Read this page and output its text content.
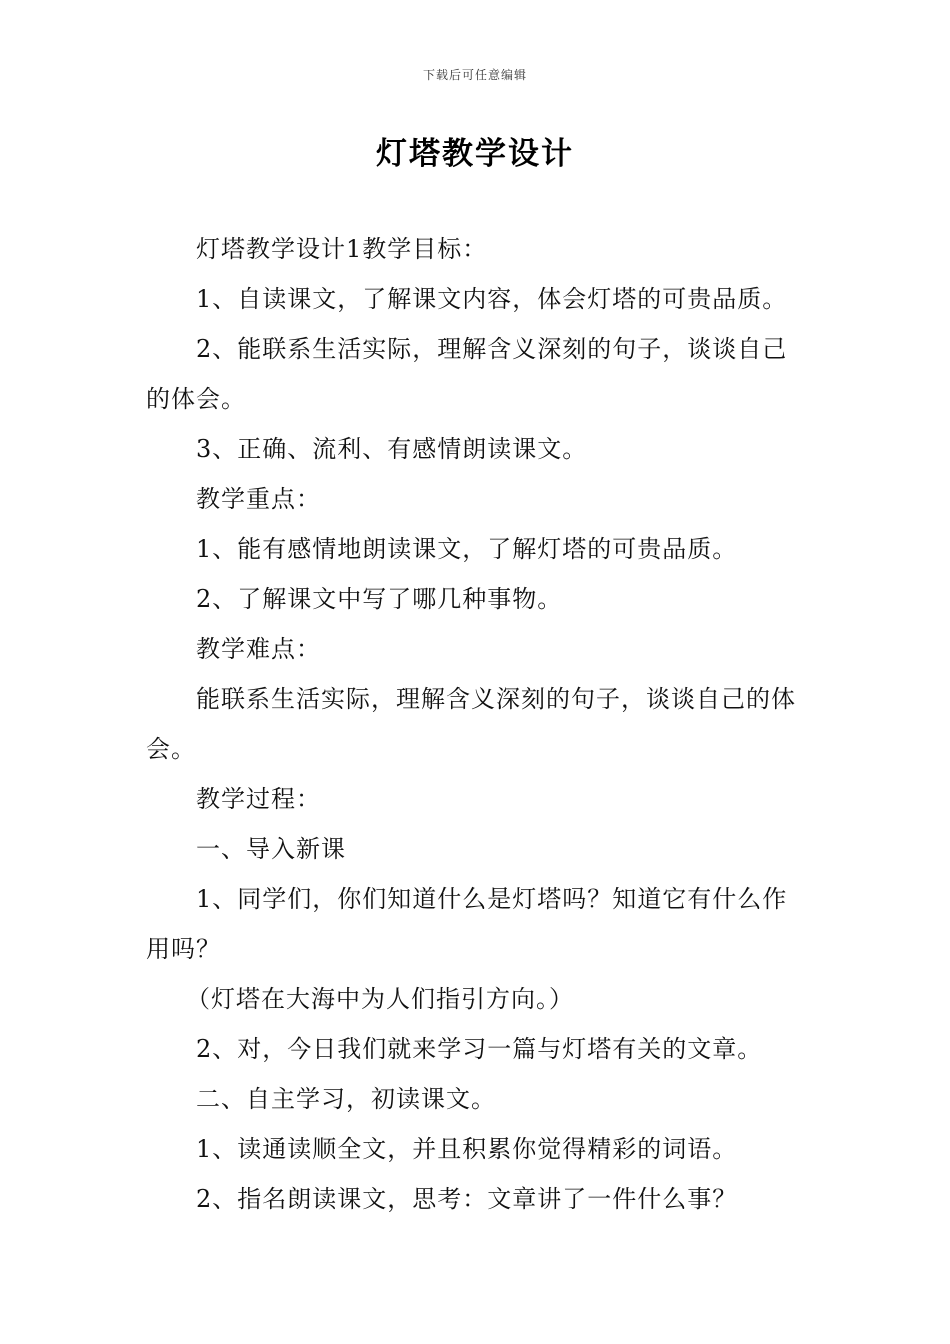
下载后可任意编辑
灯塔教学设计

灯塔教学设计1教学目标：

1、自读课文，了解课文内容，体会灯塔的可贵品质。

2、能联系生活实际，理解含义深刻的句子，谈谈自己的体会。

3、正确、流利、有感情朗读课文。

教学重点：

1、能有感情地朗读课文，了解灯塔的可贵品质。

2、了解课文中写了哪几种事物。

教学难点：

能联系生活实际，理解含义深刻的句子，谈谈自己的体会。

教学过程：

一、导入新课

1、同学们，你们知道什么是灯塔吗？知道它有什么作用吗？

（灯塔在大海中为人们指引方向。）

2、对，今日我们就来学习一篇与灯塔有关的文章。

二、自主学习，初读课文。

1、读通读顺全文，并且积累你觉得精彩的词语。

2、指名朗读课文，思考：文章讲了一件什么事？
